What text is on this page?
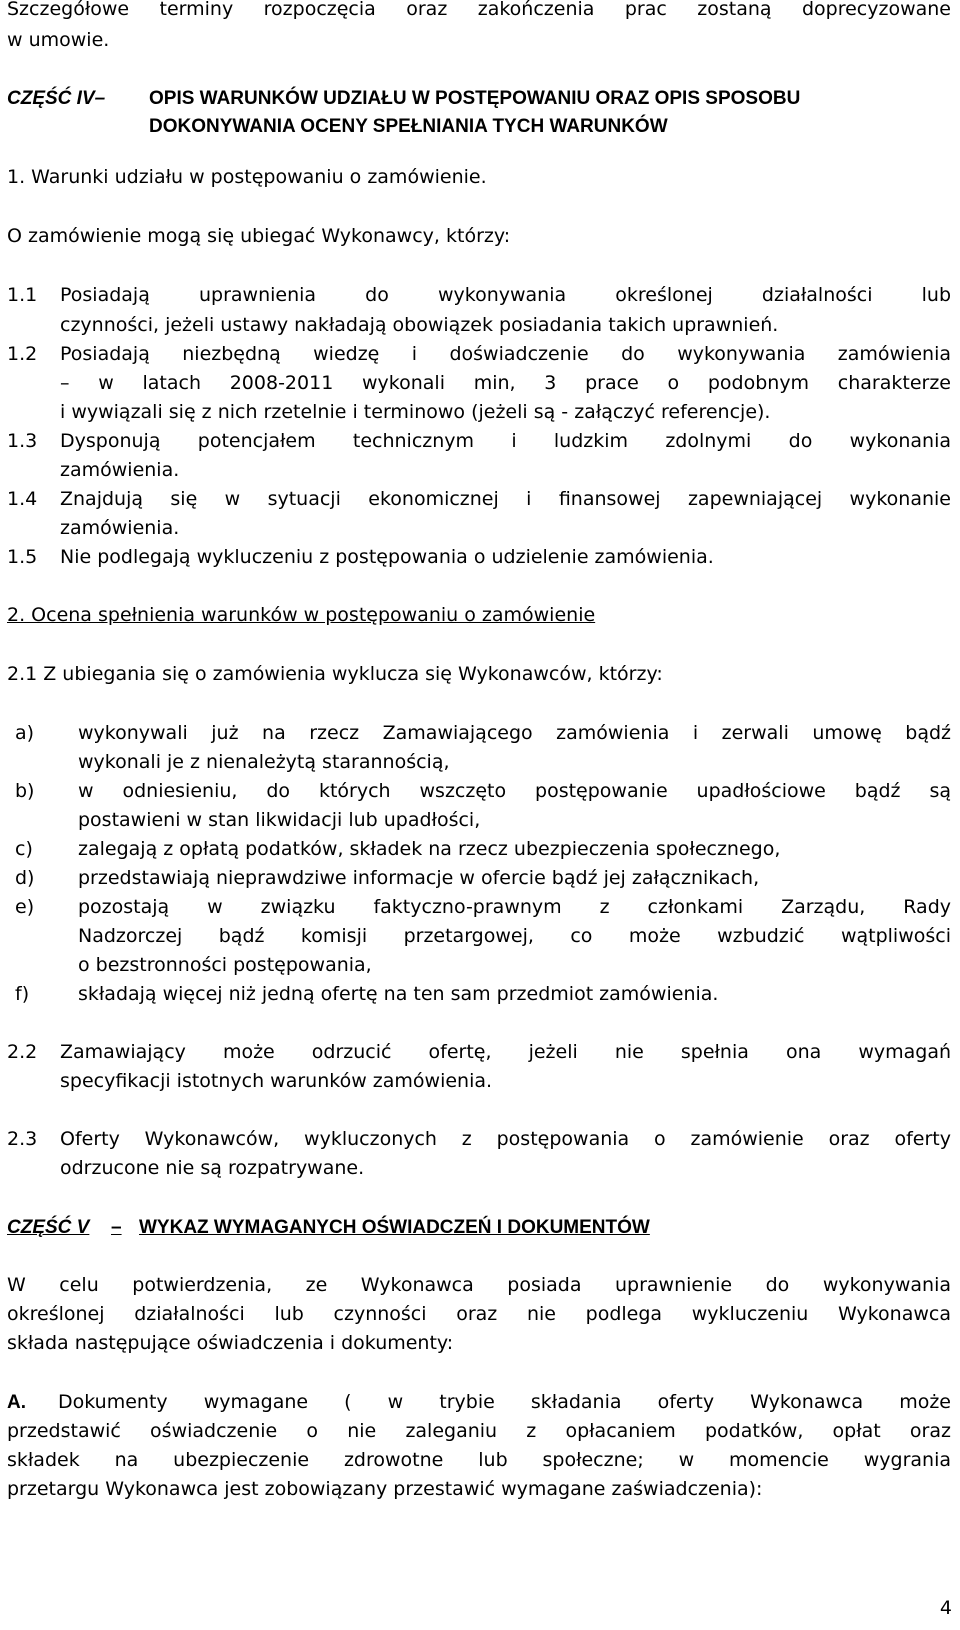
Szczegółowe terminy rozpoczęcia oraz zakończenia prac zostaną doprecyzowane
w umowie.
CZĘŚĆ IV– OPIS WARUNKÓW UDZIAŁU W POSTĘPOWANIU ORAZ OPIS SPOSOBU
DOKONYWANIA OCENY SPEŁNIANIA TYCH WARUNKÓW
1. Warunki udziału w postępowaniu o zamówienie.
O zamówienie mogą się ubiegać Wykonawcy, którzy:
1.1 Posiadają uprawnienia do wykonywania określonej działalności lub
czynności, jeżeli ustawy nakładają obowiązek posiadania takich uprawnień.
1.2 Posiadają niezbędną wiedzę i doświadczenie do wykonywania zamówienia
– w latach 2008-2011 wykonali min, 3 prace o podobnym charakterze
i wywiązali się z nich rzetelnie i terminowo (jeżeli są - załączyć referencje).
1.3 Dysponują potencjałem technicznym i ludzkim zdolnymi do wykonania
zamówienia.
1.4 Znajdują się w sytuacji ekonomicznej i finansowej zapewniającej wykonanie
zamówienia.
1.5 Nie podlegają wykluczeniu z postępowania o udzielenie zamówienia.
2. Ocena spełnienia warunków w postępowaniu o zamówienie
2.1 Z ubiegania się o zamówienia wyklucza się Wykonawców, którzy:
a) wykonywali już na rzecz Zamawiającego zamówienia i zerwali umowę bądź
wykonali je z nienależytą starannością,
b) w odniesieniu, do których wszczęto postępowanie upadłościowe bądź są
postawieni w stan likwidacji lub upadłości,
c) zalegają z opłatą podatków, składek na rzecz ubezpieczenia społecznego,
d) przedstawiają nieprawdziwe informacje w ofercie bądź jej załącznikach,
e) pozostają w związku faktyczno-prawnym z członkami Zarządu, Rady
Nadzorczej bądź komisji przetargowej, co może wzbudzić wątpliwości
o bezstronności postępowania,
f)	składają więcej niż jedną ofertę na ten sam przedmiot zamówienia.
2.2 Zamawiający może odrzucić ofertę, jeżeli nie spełnia ona wymagań
specyfikacji istotnych warunków zamówienia.
2.3 Oferty Wykonawców, wykluczonych z postępowania o zamówienie oraz oferty
odrzucone nie są rozpatrywane.
CZĘŚĆ V – WYKAZ WYMAGANYCH OŚWIADCZEŃ I DOKUMENTÓW
W celu potwierdzenia, ze Wykonawca posiada uprawnienie do wykonywania
określonej działalności lub czynności oraz nie podlega wykluczeniu Wykonawca
składa następujące oświadczenia i dokumenty:
A. Dokumenty wymagane ( w trybie składania oferty Wykonawca może
przedstawić oświadczenie o nie zaleganiu z opłacaniem podatków, opłat oraz
składek na ubezpieczenie zdrowotne lub społeczne; w momencie wygrania
przetargu Wykonawca jest zobowiązany przestawić wymagane zaświadczenia):
4
